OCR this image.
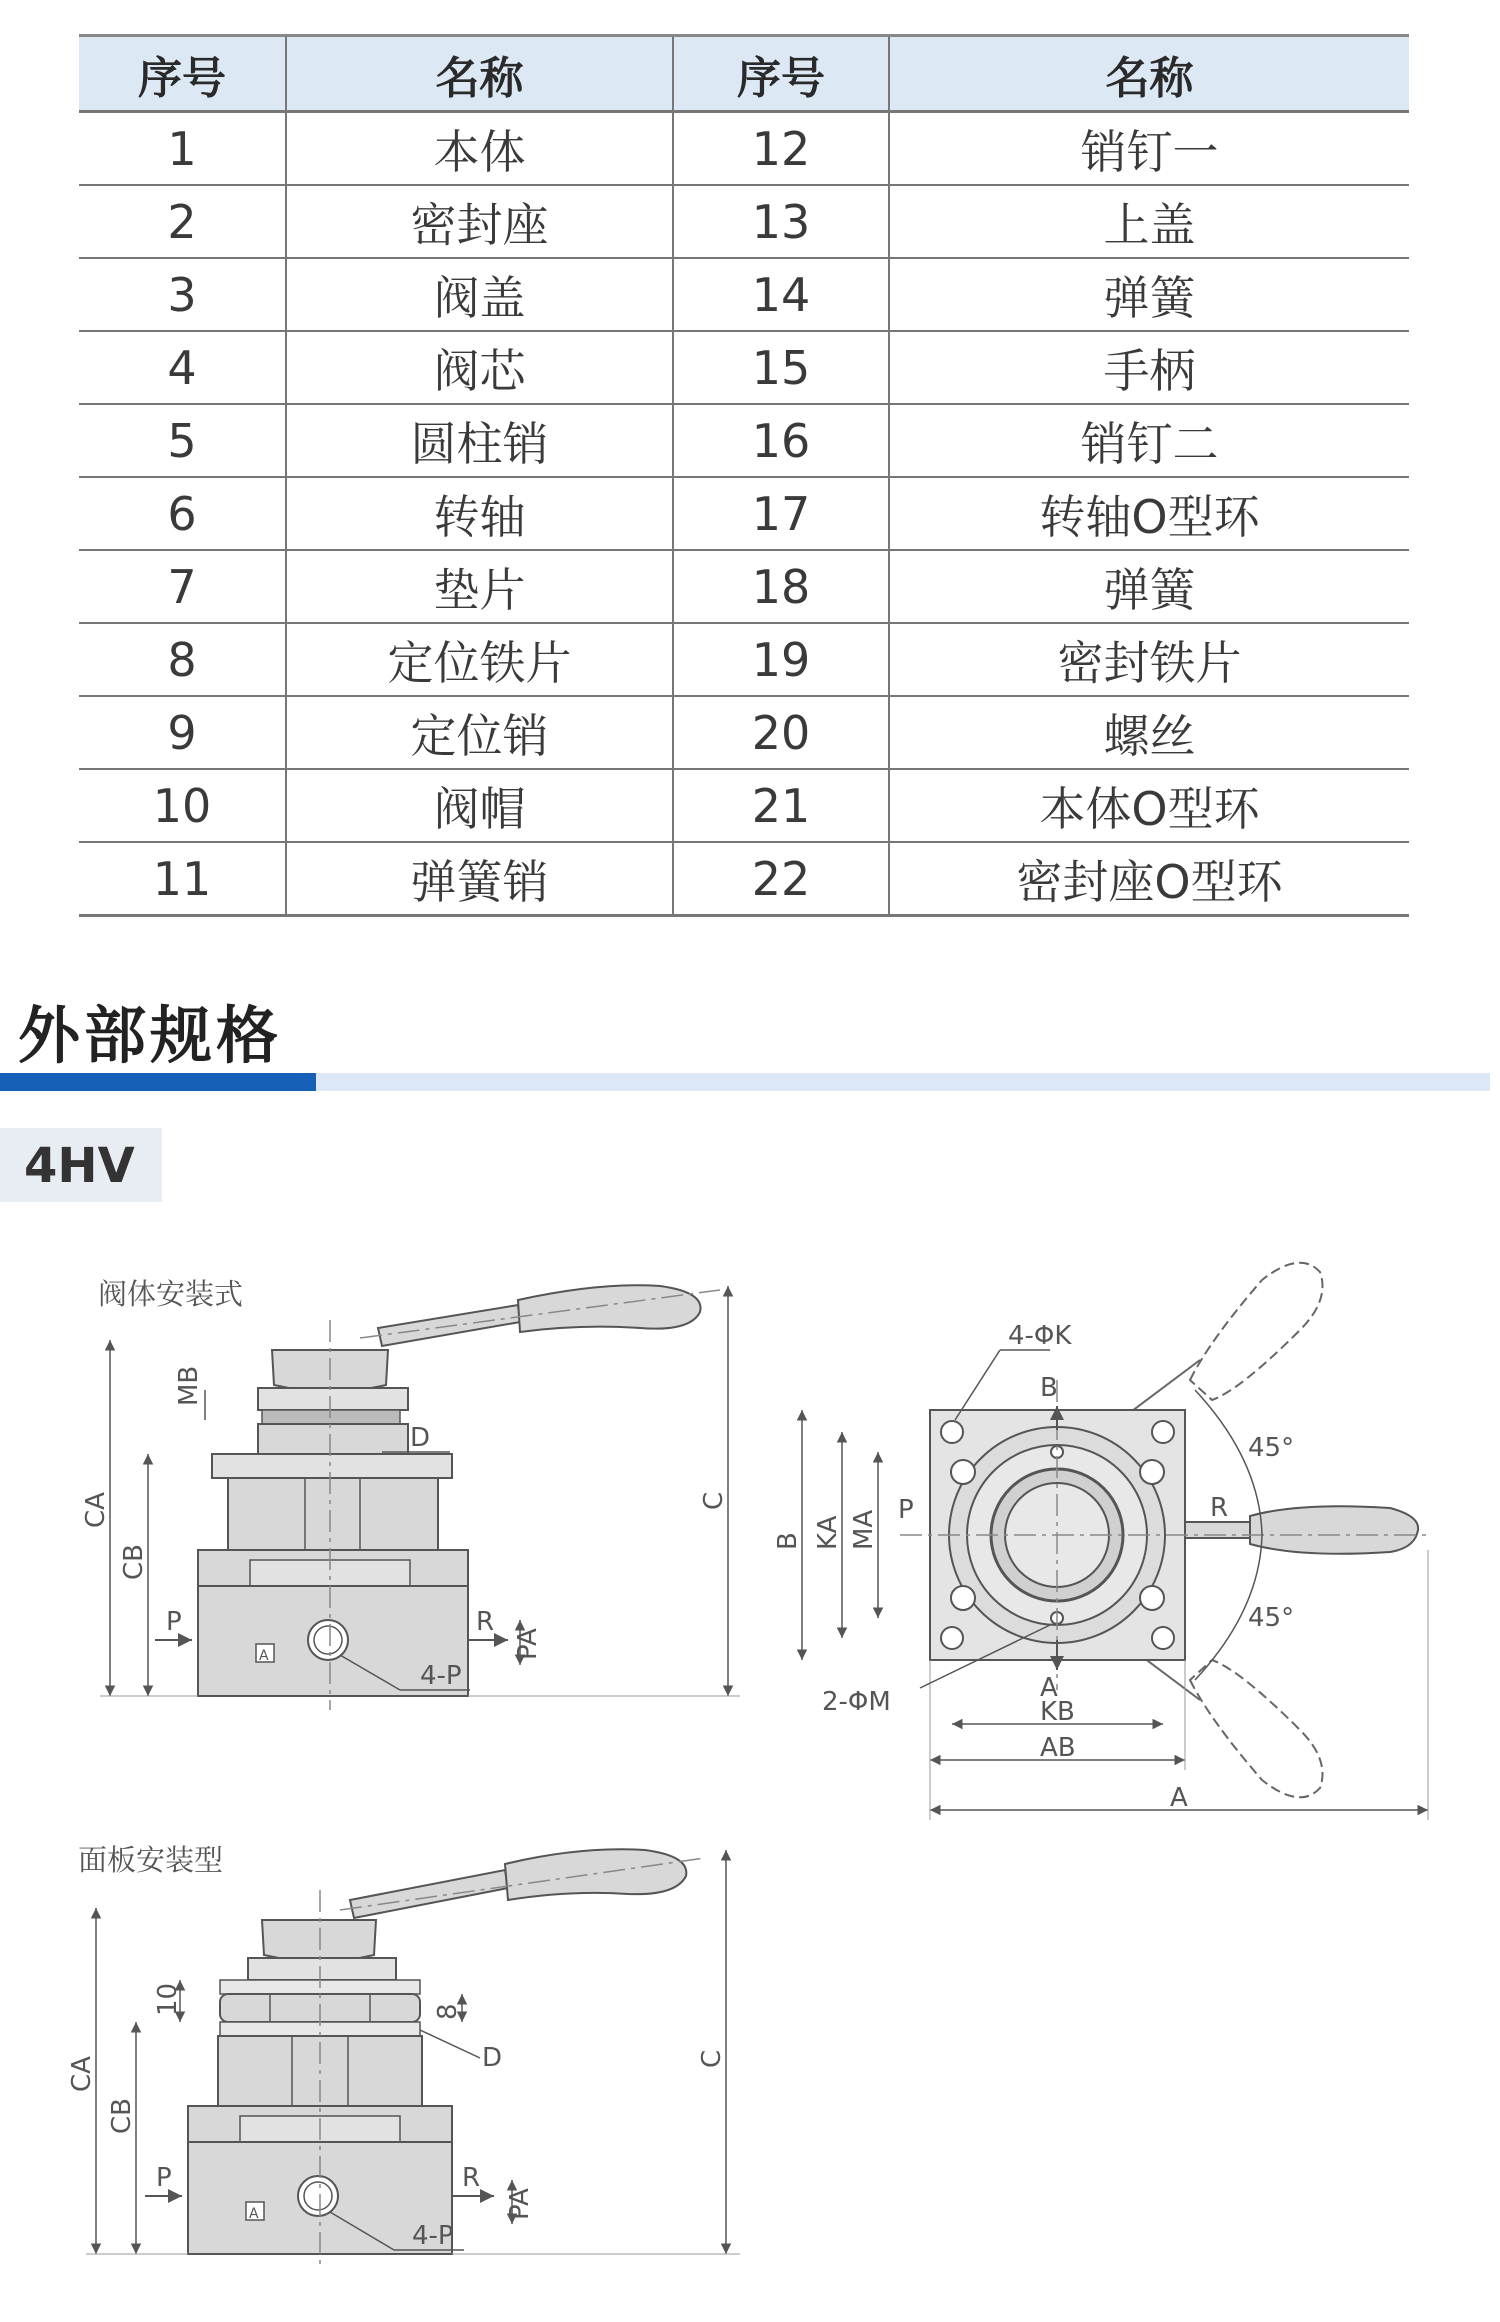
序号	名称	序号	名称
1	本体	12	销钉一
2	密封座	13	上盖
3	阀盖	14	弹簧
4	阀芯	15	手柄
5	圆柱销	16	销钉二
6	转轴	17	转轴O型环
7	垫片	18	弹簧
8	定位铁片	19	密封铁片
9	定位销	20	螺丝
10	阀帽	21	本体O型环
11	弹簧销	22	密封座O型环
外部规格
4HV
阀体安装式
A
MB
D
CA
CB
C
P	R
PA
4-P
4-ΦK
B
B KA MA P	R
45°
45°
2-ΦM	A
KB
AB
A
面板安装型
A
10	8
D
CA
CB
C
P	R
PA
4-P
